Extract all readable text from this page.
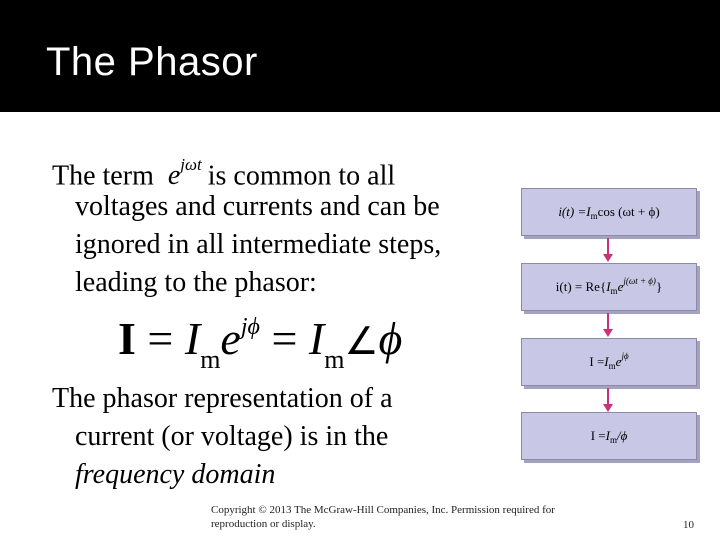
The Phasor
The term $e^{j\omega t}$ is common to all
voltages and currents and can be
ignored in all intermediate steps,
leading to the phasor:
$I = I_me^{j\phi}$ = $I_m\angle\phi$
The phasor representation of a
current (or voltage) is in the
frequency domain
i(t) = I m cos (ωt + ϕ)
i(t) = Re{ I m e j(ωt + ϕ) }
I = I m e jϕ
I = I m /ϕ
Copyright © 2013 The McGraw-Hill Companies, Inc. Permission required for
reproduction or display.	10
